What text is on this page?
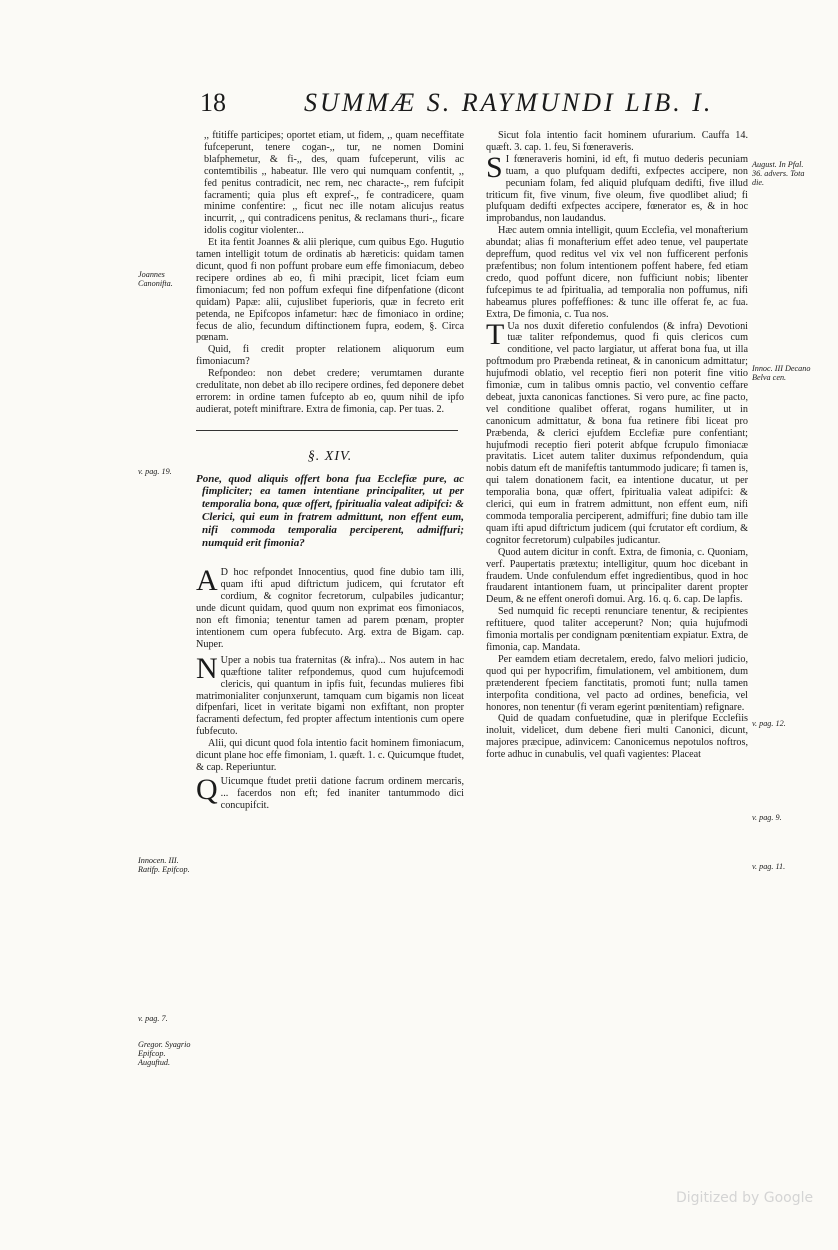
18	SUMMÆ S. RAYMUNDI LIB. I.

,, ftitiffe participes; oportet etiam, ut fidem, ,, quam neceffitate fufceperunt, tenere cogan-,, tur, ne nomen Domini blafphemetur, & fi-,, des, quam fufceperunt, vilis ac contemtibilis ,, habeatur. Ille vero qui numquam confentit, ,, fed penitus contradicit, nec rem, nec characte-,, rem fufcipit facramenti; quia plus eft expref-,, fe contradicere, quam minime confentire: ,, ficut nec ille notam alicujus reatus incurrit, ,, qui contradicens penitus, & reclamans thuri-,, ficare idolis cogitur violenter...

Et ita fentit Joannes & alii plerique, cum quibus Ego. Hugutio tamen intelligit totum de ordinatis ab hæreticis: quidam tamen dicunt, quod fi non poffunt probare eum effe fimoniacum, debeo recipere ordines ab eo, fi mihi præcipit, licet fciam eum fimoniacum; fed non poffum exfequi fine difpenfatione (dicont quidam) Papæ: alii, cujuslibet fuperioris, quæ in fecreto erit petenda, ne Epifcopos infametur: hæc de fimoniaco in ordine; fecus de alio, fecundum diftinctionem fupra, eodem, §. Circa pœnam.

Quid, fi credit propter relationem aliquorum eum fimoniacum?

Refpondeo: non debet credere; verumtamen durante credulitate, non debet ab illo recipere ordines, fed deponere debet errorem: in ordine tamen fufcepto ab eo, quum nihil de ipfo audierat, poteft miniftrare. Extra de fimonia, cap. Per tuas. 2.

§. XIV.
Pone, quod aliquis offert bona fua Ecclefiæ pure, ac fimpliciter; ea tamen intentiane principaliter, ut per temporalia bona, quæ offert, fpiritualia valeat adipifci: & Clerici, qui eum in fratrem admittunt, non effent eum, nifi commoda temporalia perciperent, admiffuri; numquid erit fimonia?

A D hoc refpondet Innocentius, quod fine dubio tam illi, quam ifti apud diftrictum judicem, qui fcrutator eft cordium, & cognitor fecretorum, culpabiles judicantur; unde dicunt quidam, quod quum non exprimat eos fimoniacos, non eft fimonia; tenentur tamen ad parem pœnam, propter intentionem cum opera fubfecuto. Arg. extra de Bigam. cap. Nuper.

N Uper a nobis tua fraternitas (& infra)... Nos autem in hac quæftione taliter refpondemus, quod cum hujufcemodi clericis, qui quantum in ipfis fuit, fecundas mulieres fibi matrimonialiter conjunxerunt, tamquam cum bigamis non liceat difpenfari, licet in veritate bigami non exfiftant, non propter facramenti defectum, fed propter affectum intentionis cum opere fubfecuto.

Alii, qui dicunt quod fola intentio facit hominem fimoniacum, dicunt plane hoc effe fimoniam, 1. quæft. 1. c. Quicumque ftudet, & cap. Reperiuntur.

Q Uicumque ftudet pretii datione facrum ordinem mercaris, ... facerdos non eft; fed inaniter tantummodo dici concupifcit.

Sicut fola intentio facit hominem ufurarium. Cauffa 14. quæft. 3. cap. 1. feu, Si fœneraveris.

S I fœneraveris homini, id eft, fi mutuo dederis pecuniam tuam, a quo plufquam dedifti, exfpectes accipere, non pecuniam folam, fed aliquid plufquam dedifti, five illud triticum fit, five vinum, five oleum, five quodlibet aliud; fi plufquam dedifti exfpectes accipere, fœnerator es, & in hoc improbandus, non laudandus.

Hæc autem omnia intelligit, quum Ecclefia, vel monafterium abundat; alias fi monafterium effet adeo tenue, vel paupertate depreffum, quod reditus vel vix vel non fufficerent perfonis præfentibus; non folum intentionem poffent habere, fed etiam credo, quod poffunt dicere, non fufficiunt nobis; libenter fufcepimus te ad fpiritualia, ad temporalia non poffumus, nifi habeamus plures poffeffiones: & tunc ille offerat fe, ac fua. Extra, De fimonia, c. Tua nos.

T Ua nos duxit diferetio confulendos (& infra) Devotioni tuæ taliter refpondemus, quod fi quis clericos cum conditione, vel pacto largiatur, ut afferat bona fua, ut illa poftmodum pro Præbenda retineat, & in canonicum admittatur; hujufmodi oblatio, vel receptio fieri non poterit fine vitio fimoniæ, cum in talibus omnis pactio, vel conventio ceffare debeat, juxta canonicas fanctiones. Si vero pure, ac fine pacto, vel conditione qualibet offerat, rogans humiliter, ut in canonicum admittatur, & bona fua retinere fibi liceat pro Præbenda, & clerici ejufdem Ecclefiæ pure confentiant; hujufmodi receptio fieri poterit abfque fcrupulo fimoniacæ pravitatis. Licet autem taliter duximus refpondendum, quia nobis datum eft de manifeftis tantummodo judicare; fi tamen is, qui talem donationem facit, ea intentione ducatur, ut per temporalia bona, quæ offert, fpiritualia valeat adipifci: & clerici, qui eum in fratrem admittunt, non effent eum, nifi commoda temporalia perciperent, admiffuri; fine dubio tam ille quam ifti apud diftrictum judicem (qui fcrutator eft cordium, & cognitor fecretorum) culpabiles judicantur.

Quod autem dicitur in conft. Extra, de fimonia, c. Quoniam, verf. Paupertatis prætextu; intelligitur, quum hoc dicebant in fraudem. Unde confulendum effet ingredientibus, quod in hoc fraudarent intantionem fuam, ut principaliter darent propter Deum, & ne effent onerofi domui. Arg. 16. q. 6. cap. De lapfis.

Sed numquid fic recepti renunciare tenentur, & recipientes reftituere, quod taliter acceperunt? Non; quia hujufmodi fimonia mortalis per condignam pœnitentiam expiatur. Extra, de fimonia, cap. Mandata.

Per eamdem etiam decretalem, eredo, falvo meliori judicio, quod qui per hypocrifim, fimulationem, vel ambitionem, dum prætenderent fpeciem fanctitatis, promoti funt; nulla tamen interpofita conditiona, vel pacto ad ordines, beneficia, vel honores, non tenentur (fi veram egerint pœnitentiam) refignare.

Quid de quadam confuetudine, quæ in plerifque Ecclefiis inoluit, videlicet, dum debene fieri multi Canonici, dicunt, majores præcipue, adinvicem: Canonicemus nepotulos noftros, forte adhuc in cunabulis, vel quafi vagientes: Placeat

Joannes Canonifta.
v. pag. 19.
Innocen. III. Ratifp. Epifcop.
v. pag. 7.
Gregor. Syagrio Epifcop. Auguftud.
August. In Pfal. 36. advers. Tota die.
Innoc. III Decano Belva cen.
v. pag. 12.
v. pag. 9.
v. pag. 11.
Digitized by Google
